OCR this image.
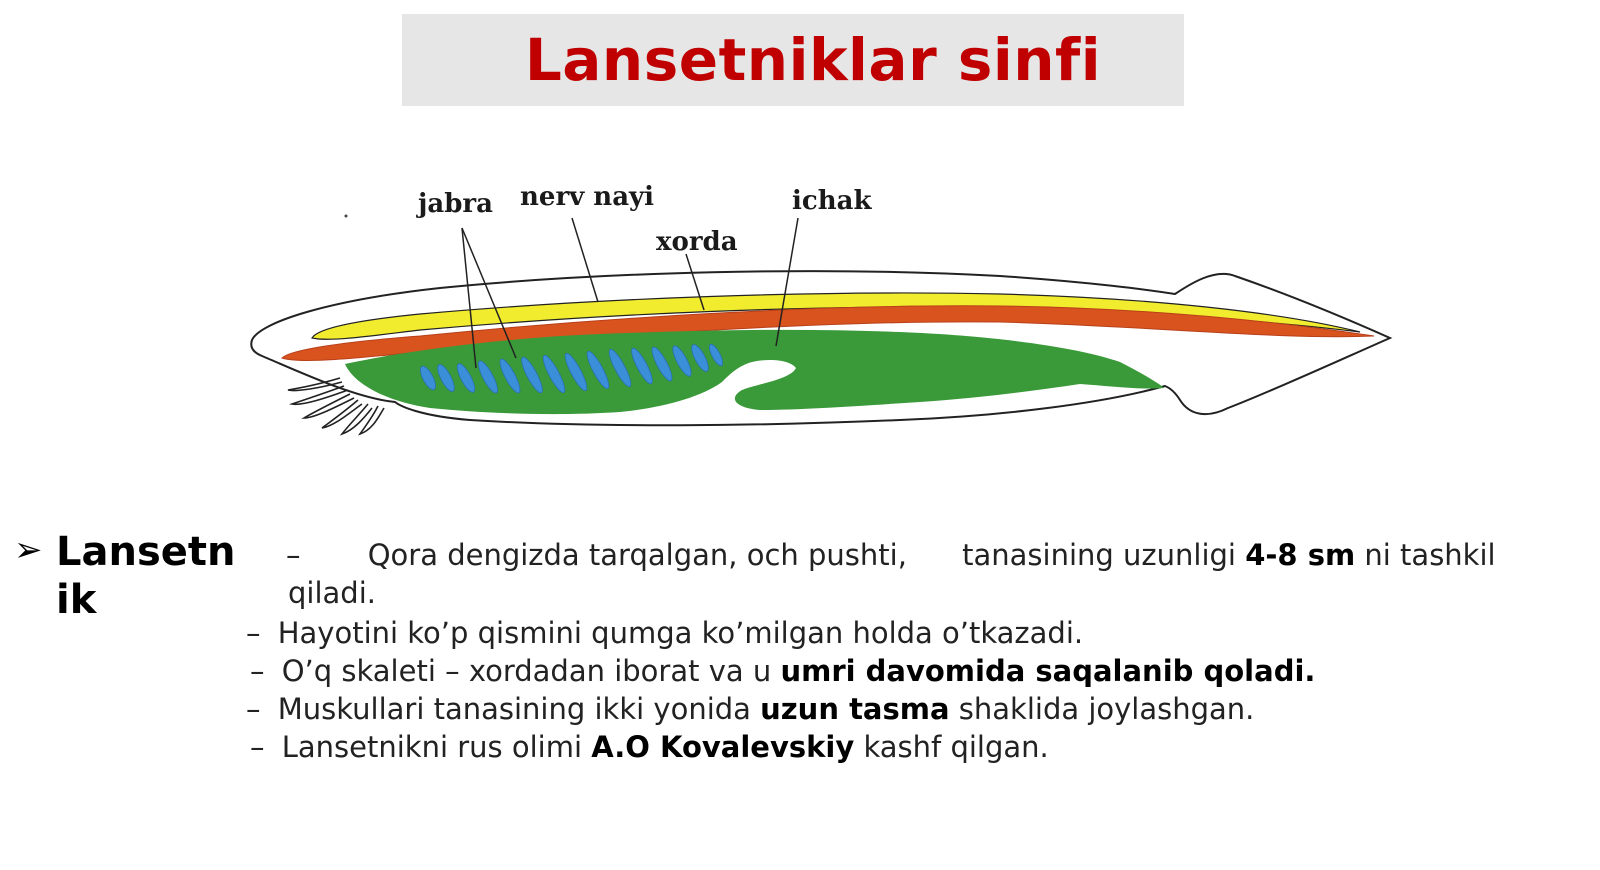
Lansetniklar sinfi
jabra nerv nayi
xorda
ichak
➢ Lansetnik
– Qora dengizda tarqalgan, och pushti, tanasining uzunligi 4-8 sm ni tashkil
qiladi.
– Hayotini ko’p qismini qumga ko’milgan holda o’tkazadi.
– O’q skaleti – xordadan iborat va u umri davomida saqalanib qoladi.
– Muskullari tanasining ikki yonida uzun tasma shaklida joylashgan.
– Lansetnikni rus olimi A.O Kovalevskiy kashf qilgan.
